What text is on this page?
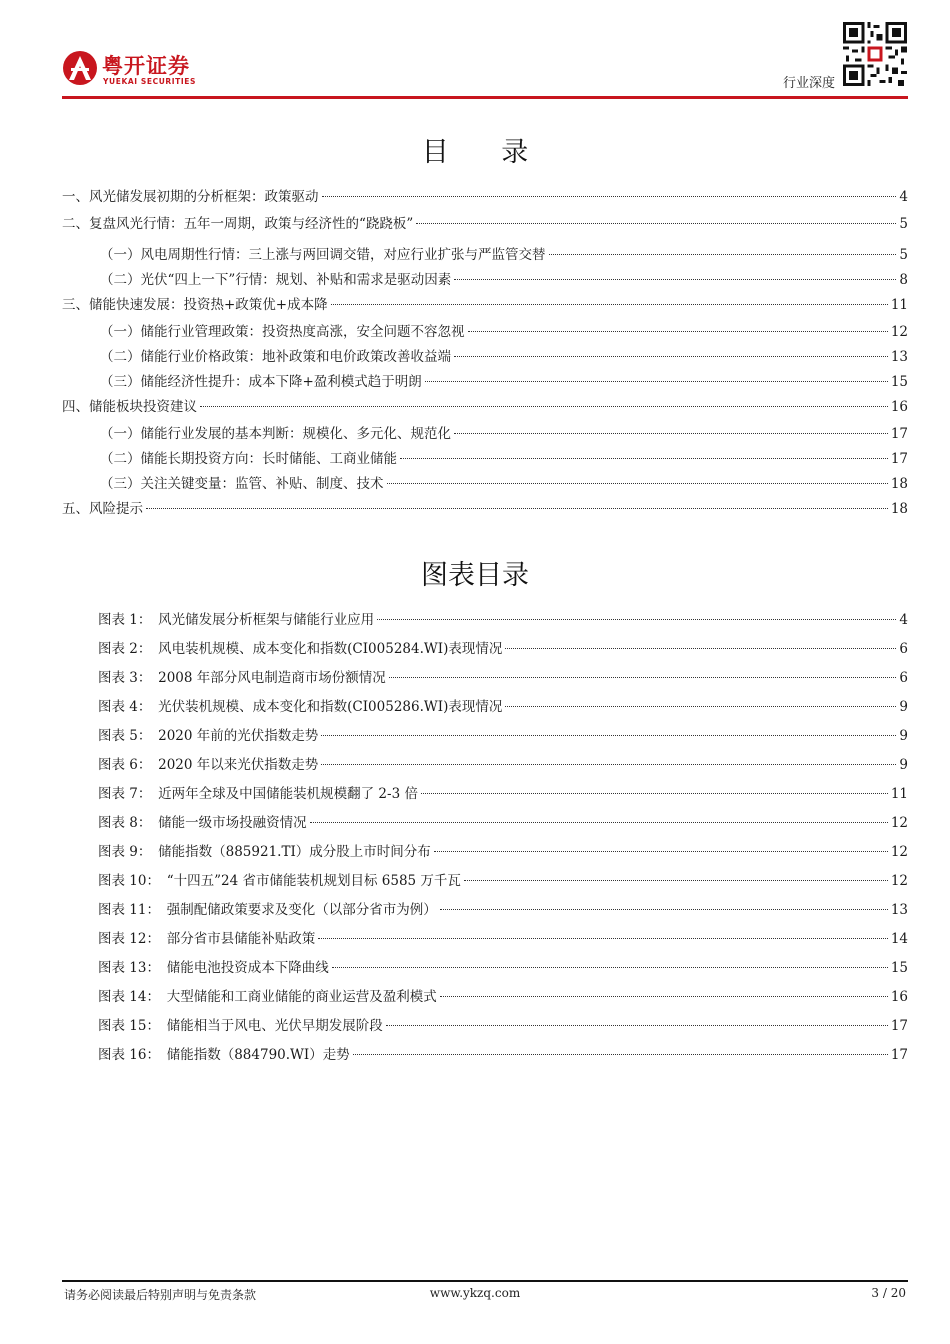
粤开证券
YUEKAI SECURITIES	行业深度
目 录
一、风光储发展初期的分析框架：政策驱动	4
二、复盘风光行情：五年一周期，政策与经济性的“跷跷板”	5
（一）风电周期性行情：三上涨与两回调交错，对应行业扩张与严监管交替	5
（二）光伏“四上一下”行情：规划、补贴和需求是驱动因素	8
三、储能快速发展：投资热+政策优+成本降	11
（一）储能行业管理政策：投资热度高涨，安全问题不容忽视	12
（二）储能行业价格政策：地补政策和电价政策改善收益端	13
（三）储能经济性提升：成本下降+盈利模式趋于明朗	15
四、储能板块投资建议	16
（一）储能行业发展的基本判断：规模化、多元化、规范化	17
（二）储能长期投资方向：长时储能、工商业储能	17
（三）关注关键变量：监管、补贴、制度、技术	18
五、风险提示	18
图表目录
图表 1：　风光储发展分析框架与储能行业应用	4
图表 2：　风电装机规模、成本变化和指数(CI005284.WI)表现情况	6
图表 3：　2008 年部分风电制造商市场份额情况	6
图表 4：　光伏装机规模、成本变化和指数(CI005286.WI)表现情况	9
图表 5：　2020 年前的光伏指数走势	9
图表 6：　2020 年以来光伏指数走势	9
图表 7：　近两年全球及中国储能装机规模翻了 2-3 倍	11
图表 8：　储能一级市场投融资情况	12
图表 9：　储能指数（885921.TI）成分股上市时间分布	12
图表 10：　“十四五”24 省市储能装机规划目标 6585 万千瓦	12
图表 11：　强制配储政策要求及变化（以部分省市为例）	13
图表 12：　部分省市县储能补贴政策	14
图表 13：　储能电池投资成本下降曲线	15
图表 14：　大型储能和工商业储能的商业运营及盈利模式	16
图表 15：　储能相当于风电、光伏早期发展阶段	17
图表 16：　储能指数（884790.WI）走势	17
请务必阅读最后特别声明与免责条款	www.ykzq.com	3 / 20
